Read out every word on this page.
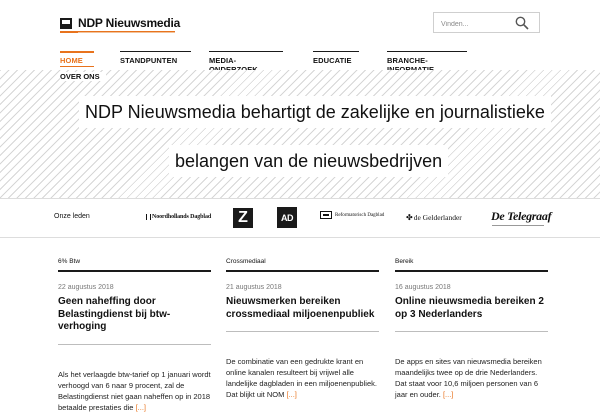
NDP Nieuwsmedia
Vinden...
HOME	STANDPUNTEN	MEDIA-	EDUCATIE	BRANCHE-
NDP Nieuwsmedia behartigt de zakelijke en journalistieke
belangen van de nieuwsbedrijven
OVER ONS
Onze leden	Noordhollands Dagblad Z	AD	Reformatorisch Dagblad	✤ de Gelderlander De Telegraaf
6% Btw
22 augustus 2018
Geen naheffing door Belastingdienst bij btw-verhoging
Als het verlaagde btw-tarief op 1 januari wordt verhoogd van 6 naar 9 procent, zal de Belastingdienst niet gaan naheffen op in 2018 betaalde prestaties die [...]
Crossmediaal
21 augustus 2018
Nieuwsmerken bereiken crossmediaal miljoenenpubliek
De combinatie van een gedrukte krant en online kanalen resulteert bij vrijwel alle landelijke dagbladen in een miljoenenpubliek. Dat blijkt uit NOM [...]
Bereik
16 augustus 2018
Online nieuwsmedia bereiken 2 op 3 Nederlanders
De apps en sites van nieuwsmedia bereiken maandelijks twee op de drie Nederlanders. Dat staat voor 10,6 miljoen personen van 6 jaar en ouder. [...]
